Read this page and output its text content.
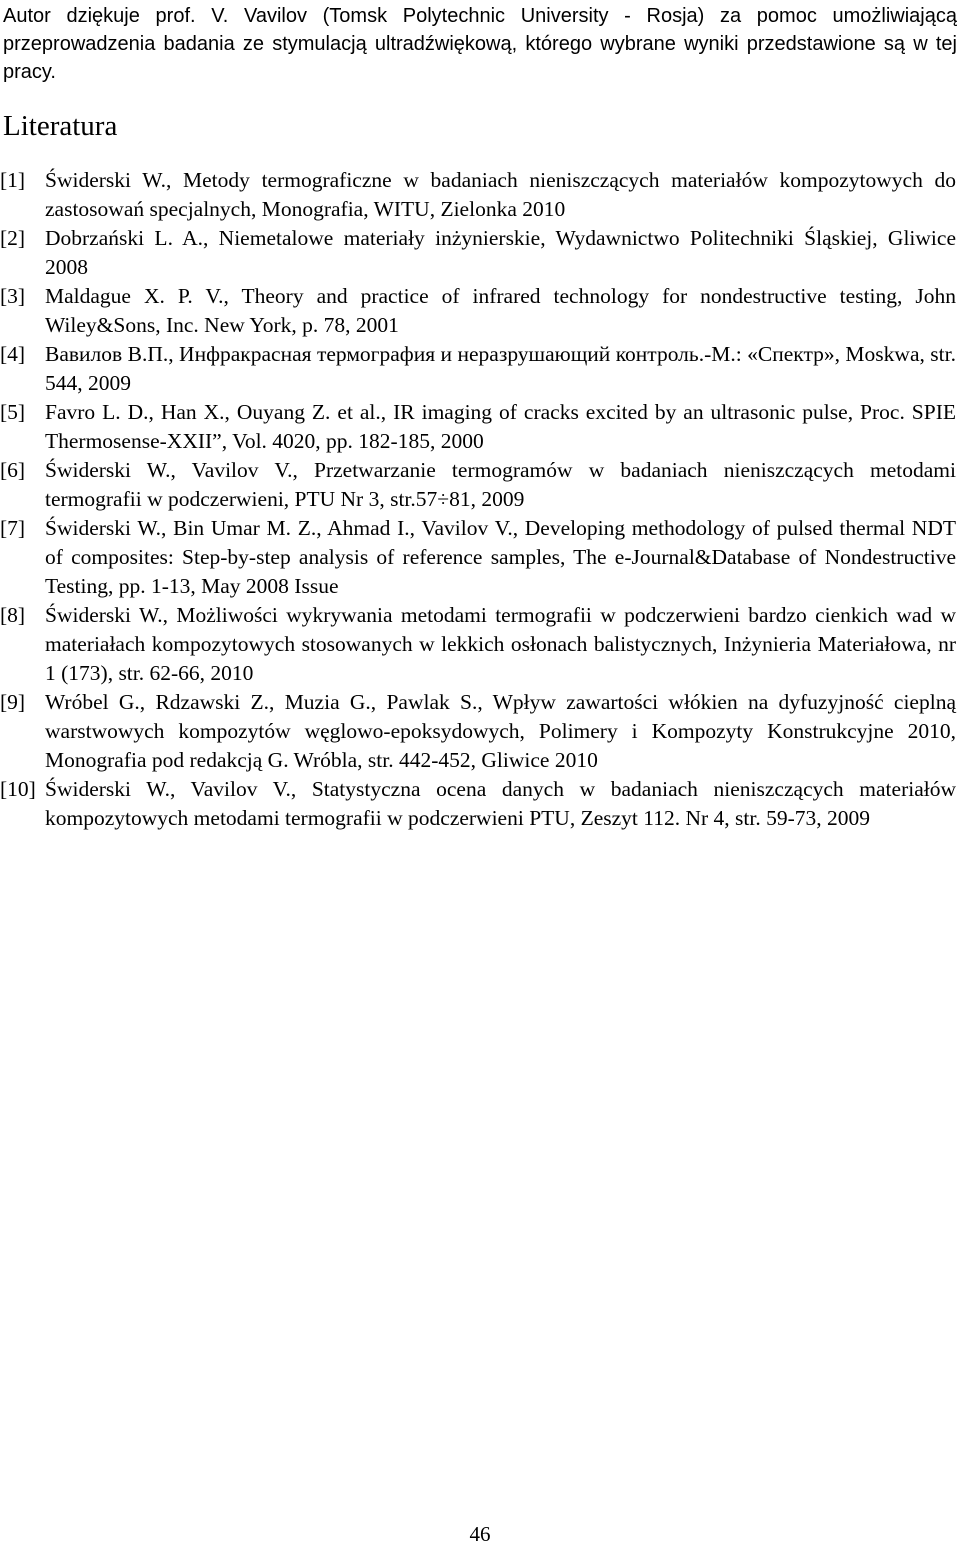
Autor dziękuje prof. V. Vavilov (Tomsk Polytechnic University - Rosja) za pomoc umożliwiającą przeprowadzenia badania ze stymulacją ultradźwiękową, którego wybrane wyniki przedstawione są w tej pracy.

Literatura
[1] Świderski W., Metody termograficzne w badaniach nieniszczących materiałów kompozytowych do zastosowań specjalnych, Monografia, WITU, Zielonka 2010
[2] Dobrzański L. A., Niemetalowe materiały inżynierskie, Wydawnictwo Politechniki Śląskiej, Gliwice 2008
[3] Maldague X. P. V., Theory and practice of infrared technology for nondestructive testing, John Wiley&Sons, Inc. New York, p. 78, 2001
[4] Вавилов В.П., Инфракрасная термография и неразрушающий контроль.-М.: «Спектр», Moskwa, str. 544, 2009
[5] Favro L. D., Han X., Ouyang Z. et al., IR imaging of cracks excited by an ultrasonic pulse, Proc. SPIE Thermosense-XXII”, Vol. 4020, pp. 182-185, 2000
[6] Świderski W., Vavilov V., Przetwarzanie termogramów w badaniach nieniszczących metodami termografii w podczerwieni, PTU Nr 3, str.57÷81, 2009
[7] Świderski W., Bin Umar M. Z., Ahmad I., Vavilov V., Developing methodology of pulsed thermal NDT of composites: Step-by-step analysis of reference samples, The e-Journal&Database of Nondestructive Testing, pp. 1-13, May 2008 Issue
[8] Świderski W., Możliwości wykrywania metodami termografii w podczerwieni bardzo cienkich wad w materiałach kompozytowych stosowanych w lekkich osłonach balistycznych, Inżynieria Materiałowa, nr 1 (173), str. 62-66, 2010
[9] Wróbel G., Rdzawski Z., Muzia G., Pawlak S., Wpływ zawartości włókien na dyfuzyjność cieplną warstwowych kompozytów węglowo-epoksydowych, Polimery i Kompozyty Konstrukcyjne 2010, Monografia pod redakcją G. Wróbla, str. 442-452, Gliwice 2010
[10] Świderski W., Vavilov V., Statystyczna ocena danych w badaniach nieniszczących materiałów kompozytowych metodami termografii w podczerwieni PTU, Zeszyt 112. Nr 4, str. 59-73, 2009
46
